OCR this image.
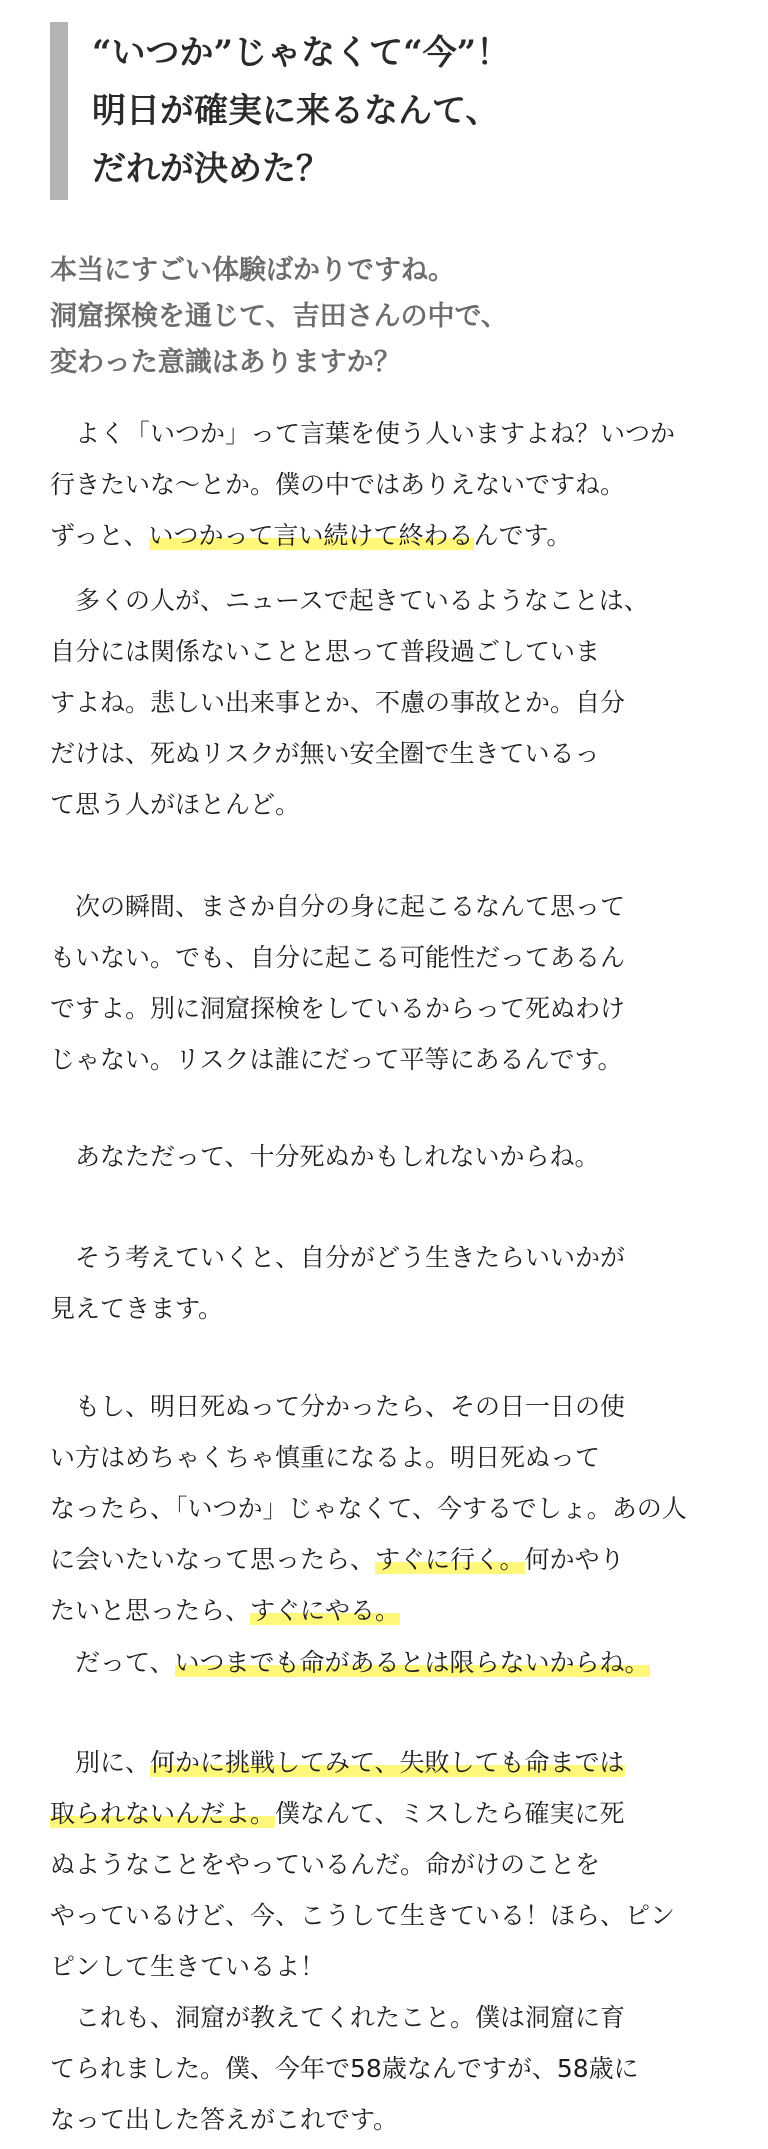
“いつか”じゃなくて“今”！
明日が確実に来るなんて、
だれが決めた？
本当にすごい体験ばかりですね。
洞窟探検を通じて、吉田さんの中で、
変わった意識はありますか？
　よく「いつか」って言葉を使う人いますよね？いつか
行きたいな〜とか。僕の中ではありえないですね。
ずっと、いつかって言い続けて終わるんです。
　多くの人が、ニュースで起きているようなことは、
自分には関係ないことと思って普段過ごしていま
すよね。悲しい出来事とか、不慮の事故とか。自分
だけは、死ぬリスクが無い安全圏で生きているっ
て思う人がほとんど。
　次の瞬間、まさか自分の身に起こるなんて思って
もいない。でも、自分に起こる可能性だってあるん
ですよ。別に洞窟探検をしているからって死ぬわけ
じゃない。リスクは誰にだって平等にあるんです。
　あなただって、十分死ぬかもしれないからね。
　そう考えていくと、自分がどう生きたらいいかが
見えてきます。
　もし、明日死ぬって分かったら、その日一日の使
い方はめちゃくちゃ慎重になるよ。明日死ぬって
なったら、「いつか」じゃなくて、今するでしょ。あの人
に会いたいなって思ったら、すぐに行く。何かやり
たいと思ったら、すぐにやる。
　だって、いつまでも命があるとは限らないからね。
　別に、何かに挑戦してみて、失敗しても命までは
取られないんだよ。僕なんて、ミスしたら確実に死
ぬようなことをやっているんだ。命がけのことを
やっているけど、今、こうして生きている！ほら、ピン
ピンして生きているよ！
　これも、洞窟が教えてくれたこと。僕は洞窟に育
てられました。僕、今年で58歳なんですが、58歳に
なって出した答えがこれです。
